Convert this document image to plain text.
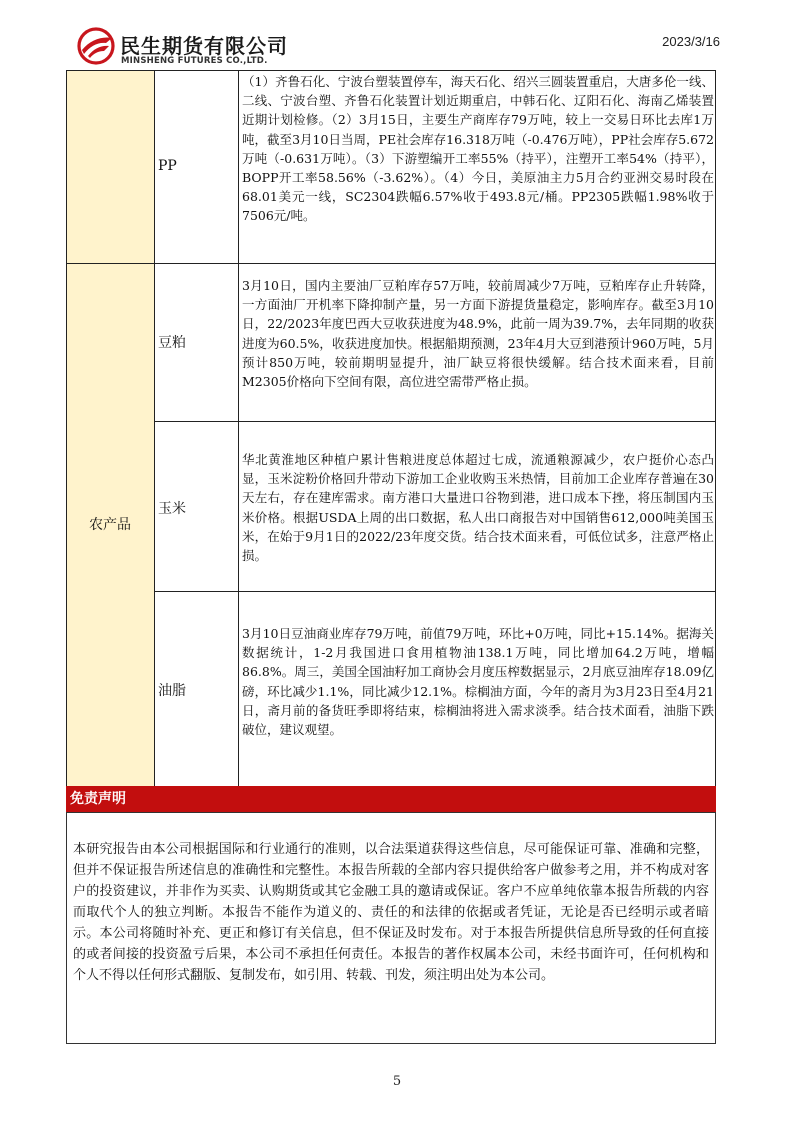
民生期货有限公司
MINSHENG FUTURES CO.,LTD.
2023/3/16
农产品
PP
豆粕
玉米
油脂
（1）齐鲁石化、宁波台塑装置停车，海天石化、绍兴三圆装置重启，大唐多伦一线、二线、宁波台塑、齐鲁石化装置计划近期重启，中韩石化、辽阳石化、海南乙烯装置近期计划检修。（2）3月15日，主要生产商库存79万吨，较上一交易日环比去库1万吨，截至3月10日当周，PE社会库存16.318万吨（-0.476万吨），PP社会库存5.672万吨（-0.631万吨）。（3）下游塑编开工率55%（持平），注塑开工率54%（持平），BOPP开工率58.56%（-3.62%）。（4）今日，美原油主力5月合约亚洲交易时段在68.01美元一线，SC2304跌幅6.57%收于493.8元/桶。PP2305跌幅1.98%收于7506元/吨。
3月10日，国内主要油厂豆粕库存57万吨，较前周减少7万吨，豆粕库存止升转降，一方面油厂开机率下降抑制产量，另一方面下游提货量稳定，影响库存。截至3月10日，22/2023年度巴西大豆收获进度为48.9%，此前一周为39.7%，去年同期的收获进度为60.5%，收获进度加快。根据船期预测，23年4月大豆到港预计960万吨，5月预计850万吨，较前期明显提升，油厂缺豆将很快缓解。结合技术面来看，目前M2305价格向下空间有限，高位进空需带严格止损。
华北黄淮地区种植户累计售粮进度总体超过七成，流通粮源减少，农户挺价心态凸显，玉米淀粉价格回升带动下游加工企业收购玉米热情，目前加工企业库存普遍在30天左右，存在建库需求。南方港口大量进口谷物到港，进口成本下挫，将压制国内玉米价格。根据USDA上周的出口数据，私人出口商报告对中国销售612,000吨美国玉米，在始于9月1日的2022/23年度交货。结合技术面来看，可低位试多，注意严格止损。
3月10日豆油商业库存79万吨，前值79万吨，环比+0万吨，同比+15.14%。据海关数据统计，1-2月我国进口食用植物油138.1万吨，同比增加64.2万吨，增幅86.8%。周三，美国全国油籽加工商协会月度压榨数据显示，2月底豆油库存18.09亿磅，环比减少1.1%，同比减少12.1%。棕榈油方面，今年的斋月为3月23日至4月21日，斋月前的备货旺季即将结束，棕榈油将进入需求淡季。结合技术面看，油脂下跌破位，建议观望。
免责声明
本研究报告由本公司根据国际和行业通行的准则，以合法渠道获得这些信息，尽可能保证可靠、准确和完整，但并不保证报告所述信息的准确性和完整性。本报告所载的全部内容只提供给客户做参考之用，并不构成对客户的投资建议，并非作为买卖、认购期货或其它金融工具的邀请或保证。客户不应单纯依靠本报告所载的内容而取代个人的独立判断。本报告不能作为道义的、责任的和法律的依据或者凭证，无论是否已经明示或者暗示。本公司将随时补充、更正和修订有关信息，但不保证及时发布。对于本报告所提供信息所导致的任何直接的或者间接的投资盈亏后果，本公司不承担任何责任。本报告的著作权属本公司，未经书面许可，任何机构和个人不得以任何形式翻版、复制发布，如引用、转载、刊发，须注明出处为本公司。
5
